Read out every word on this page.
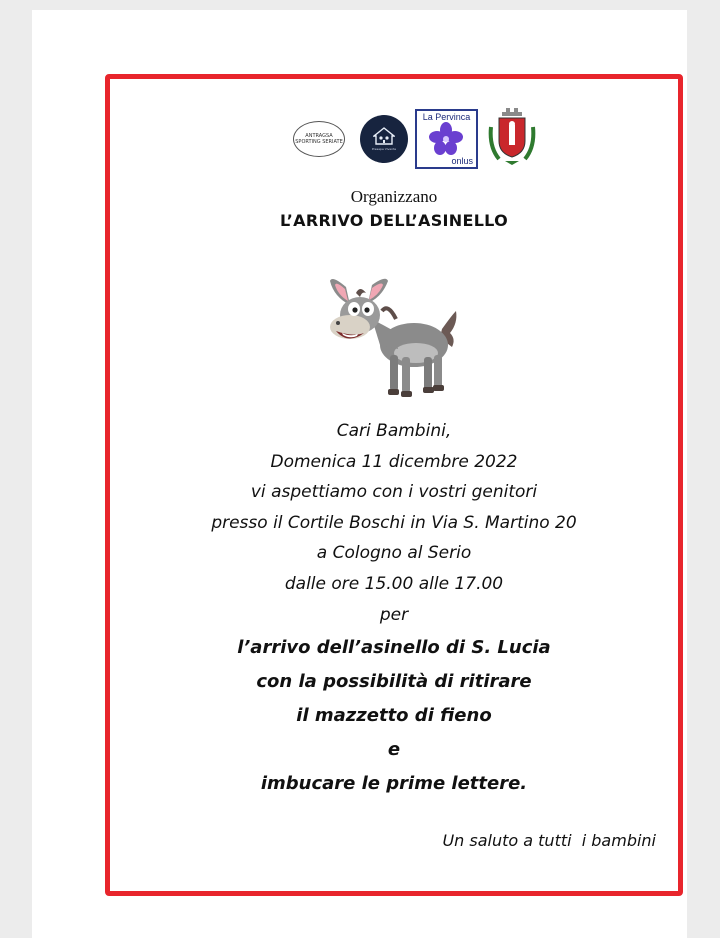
ANTRAGSA SPORTING SERIATE
Presepe Vivente
La Pervinca
onlus
Organizzano
L’ARRIVO DELL’ASINELLO
Cari Bambini,
Domenica 11 dicembre 2022
vi aspettiamo con i vostri genitori
presso il Cortile Boschi in Via S. Martino 20
a Cologno al Serio
dalle ore 15.00 alle 17.00
per
l’arrivo dell’asinello di S. Lucia
con la possibilità di ritirare
il mazzetto di fieno
e
imbucare le prime lettere.
Un saluto a tutti  i bambini
